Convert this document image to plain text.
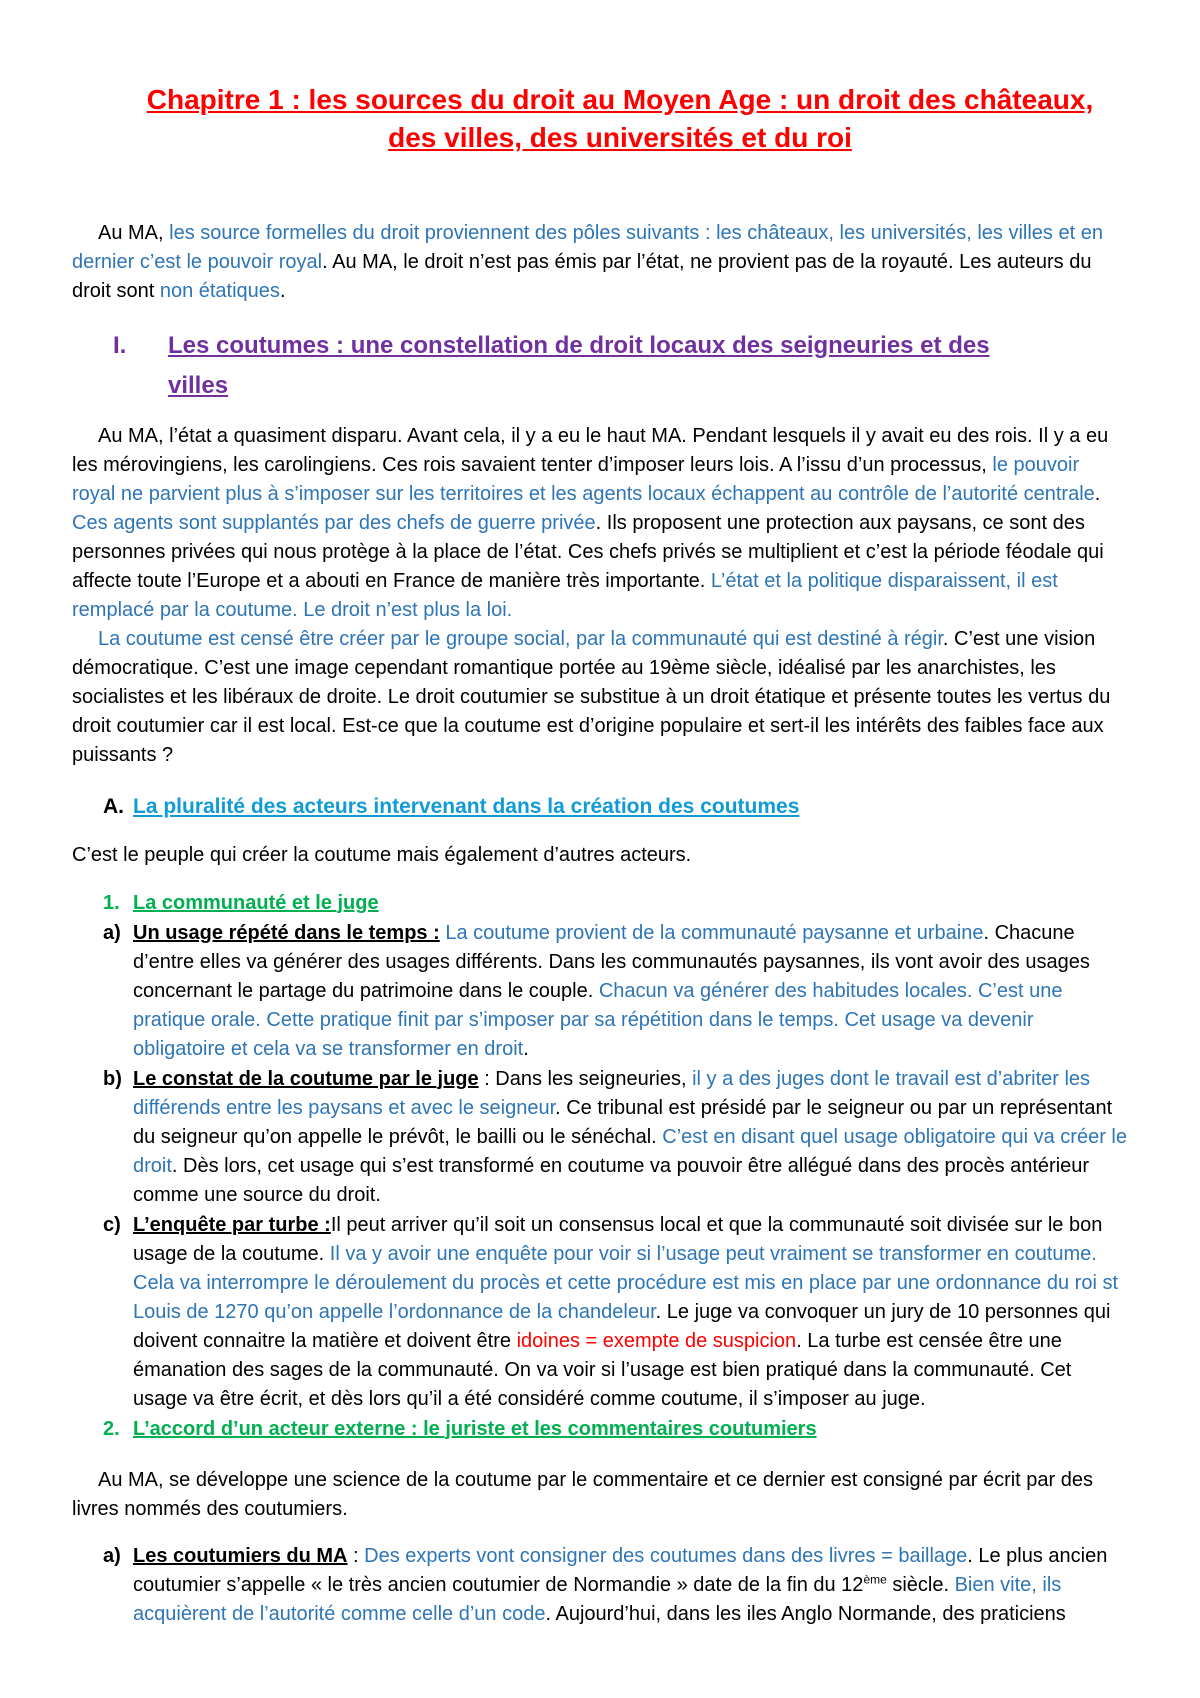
Chapitre 1 : les sources du droit au Moyen Age : un droit des châteaux, des villes, des universités et du roi

Au MA, les source formelles du droit proviennent des pôles suivants : les châteaux, les universités, les villes et en dernier c’est le pouvoir royal. Au MA, le droit n’est pas émis par l’état, ne provient pas de la royauté. Les auteurs du droit sont non étatiques.

I.	Les coutumes : une constellation de droit locaux des seigneuries et des villes

Au MA, l’état a quasiment disparu. Avant cela, il y a eu le haut MA. Pendant lesquels il y avait eu des rois. Il y a eu les mérovingiens, les carolingiens. Ces rois savaient tenter d’imposer leurs lois. A l’issu d’un processus, le pouvoir royal ne parvient plus à s’imposer sur les territoires et les agents locaux échappent au contrôle de l’autorité centrale. Ces agents sont supplantés par des chefs de guerre privée. Ils proposent une protection aux paysans, ce sont des personnes privées qui nous protège à la place de l’état. Ces chefs privés se multiplient et c’est la période féodale qui affecte toute l’Europe et a abouti en France de manière très importante. L’état et la politique disparaissent, il est remplacé par la coutume. Le droit n’est plus la loi.

La coutume est censé être créer par le groupe social, par la communauté qui est destiné à régir. C’est une vision démocratique. C’est une image cependant romantique portée au 19ème siècle, idéalisé par les anarchistes, les socialistes et les libéraux de droite. Le droit coutumier se substitue à un droit étatique et présente toutes les vertus du droit coutumier car il est local. Est-ce que la coutume est d’origine populaire et sert-il les intérêts des faibles face aux puissants ?

A. La pluralité des acteurs intervenant dans la création des coutumes

C’est le peuple qui créer la coutume mais également d’autres acteurs.

1. La communauté et le juge
a) Un usage répété dans le temps : La coutume provient de la communauté paysanne et urbaine. Chacune d’entre elles va générer des usages différents. Dans les communautés paysannes, ils vont avoir des usages concernant le partage du patrimoine dans le couple. Chacun va générer des habitudes locales. C’est une pratique orale. Cette pratique finit par s’imposer par sa répétition dans le temps. Cet usage va devenir obligatoire et cela va se transformer en droit.
b) Le constat de la coutume par le juge : Dans les seigneuries, il y a des juges dont le travail est d’abriter les différends entre les paysans et avec le seigneur. Ce tribunal est présidé par le seigneur ou par un représentant du seigneur qu’on appelle le prévôt, le bailli ou le sénéchal. C’est en disant quel usage obligatoire qui va créer le droit. Dès lors, cet usage qui s’est transformé en coutume va pouvoir être allégué dans des procès antérieur comme une source du droit.
c) L’enquête par turbe :Il peut arriver qu’il soit un consensus local et que la communauté soit divisée sur le bon usage de la coutume. Il va y avoir une enquête pour voir si l’usage peut vraiment se transformer en coutume. Cela va interrompre le déroulement du procès et cette procédure est mis en place par une ordonnance du roi st Louis de 1270 qu’on appelle l’ordonnance de la chandeleur. Le juge va convoquer un jury de 10 personnes qui doivent connaitre la matière et doivent être idoines = exempte de suspicion. La turbe est censée être une émanation des sages de la communauté. On va voir si l’usage est bien pratiqué dans la communauté. Cet usage va être écrit, et dès lors qu’il a été considéré comme coutume, il s’imposer au juge.
2. L’accord d’un acteur externe : le juriste et les commentaires coutumiers

Au MA, se développe une science de la coutume par le commentaire et ce dernier est consigné par écrit par des livres nommés des coutumiers.

a) Les coutumiers du MA : Des experts vont consigner des coutumes dans des livres = baillage. Le plus ancien coutumier s’appelle « le très ancien coutumier de Normandie » date de la fin du 12ème siècle. Bien vite, ils acquièrent de l’autorité comme celle d’un code. Aujourd’hui, dans les iles Anglo Normande, des praticiens
